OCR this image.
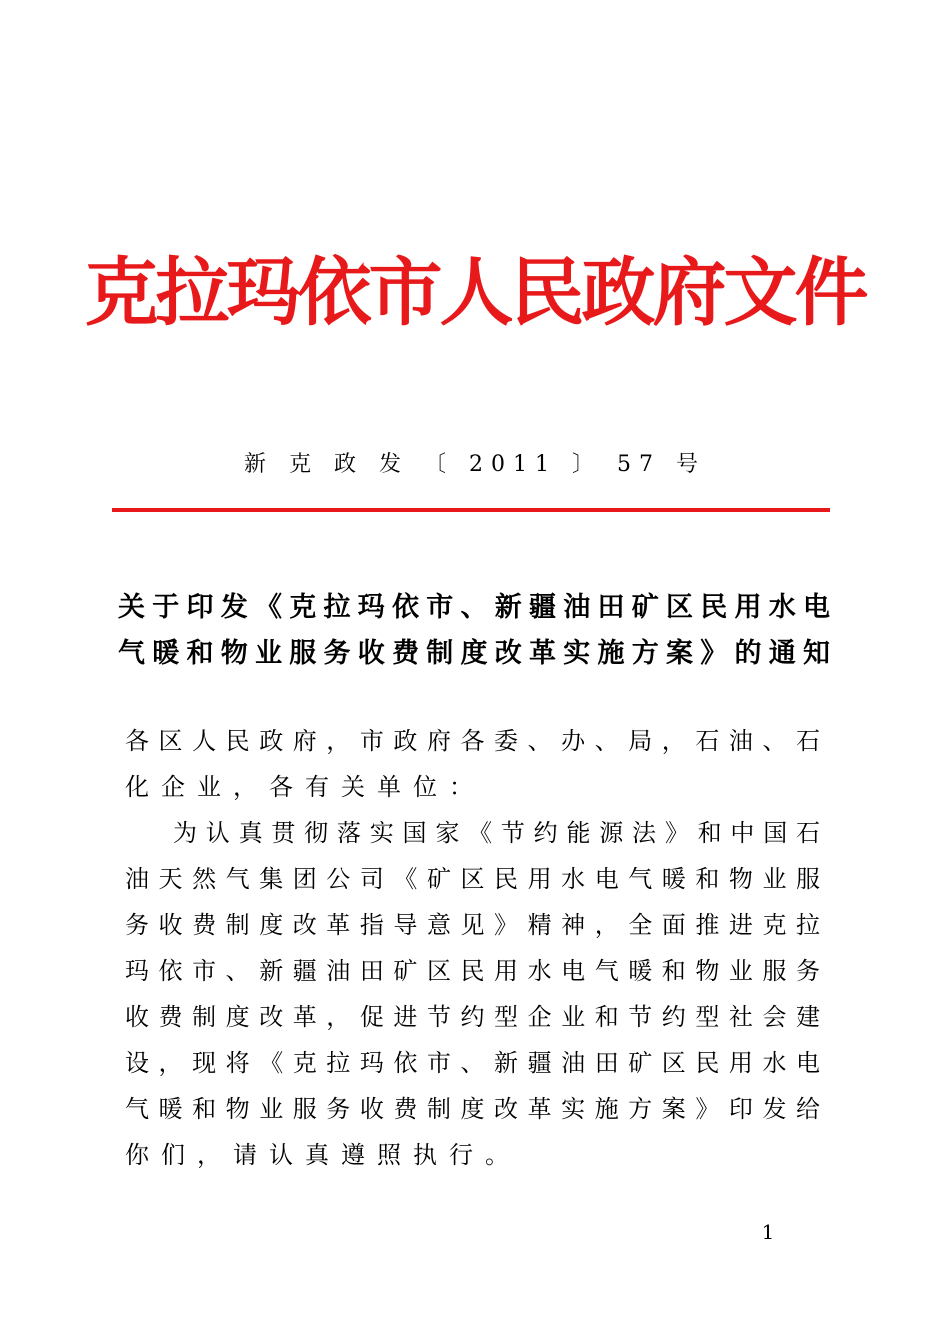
克拉玛依市人民政府文件
新 克 政 发 〔 2011 〕 57 号
关于印发《克拉玛依市、新疆油田矿区民用水电
气暖和物业服务收费制度改革实施方案》的通知
各区人民政府，市政府各委、办、局，石油、石
化企业，各有关单位：
为认真贯彻落实国家《节约能源法》和中国石
油天然气集团公司《矿区民用水电气暖和物业服
务收费制度改革指导意见》精神，全面推进克拉
玛依市、新疆油田矿区民用水电气暖和物业服务
收费制度改革，促进节约型企业和节约型社会建
设，现将《克拉玛依市、新疆油田矿区民用水电
气暖和物业服务收费制度改革实施方案》印发给
你们，请认真遵照执行。
1
